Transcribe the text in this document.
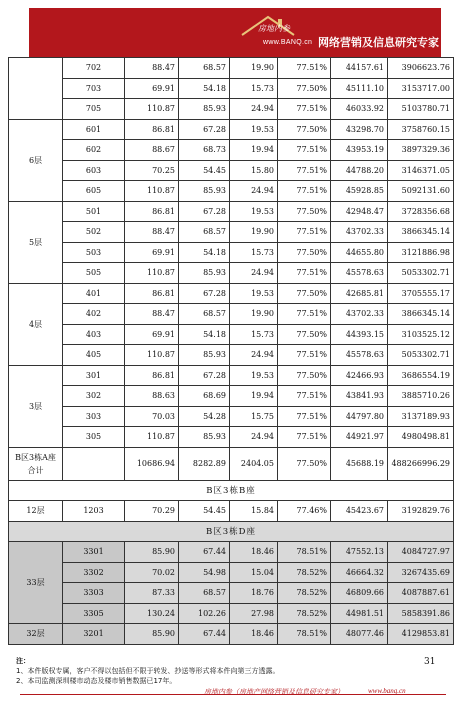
房地内参
www.BANQ.cn 网络营销及信息研究专家
	702	88.47	68.57	19.90	77.51%	44157.61	3906623.76	
	703	69.91	54.18	15.73	77.50%	45111.10	3153717.00	
	705	110.87	85.93	24.94	77.51%	46033.92	5103780.71	
6层	601	86.81	67.28	19.53	77.50%	43298.70	3758760.15	
	602	88.67	68.73	19.94	77.51%	43953.19	3897329.36	
	603	70.25	54.45	15.80	77.51%	44788.20	3146371.05	
	605	110.87	85.93	24.94	77.51%	45928.85	5092131.60	
5层	501	86.81	67.28	19.53	77.50%	42948.47	3728356.68	
	502	88.47	68.57	19.90	77.51%	43702.33	3866345.14	
	503	69.91	54.18	15.73	77.50%	44655.80	3121886.98	
	505	110.87	85.93	24.94	77.51%	45578.63	5053302.71	
4层	401	86.81	67.28	19.53	77.50%	42685.81	3705555.17	
	402	88.47	68.57	19.90	77.51%	43702.33	3866345.14	
	403	69.91	54.18	15.73	77.50%	44393.15	3103525.12	
	405	110.87	85.93	24.94	77.51%	45578.63	5053302.71	
3层	301	86.81	67.28	19.53	77.50%	42466.93	3686554.19	
	302	88.63	68.69	19.94	77.51%	43841.93	3885710.26	
	303	70.03	54.28	15.75	77.51%	44797.80	3137189.93	
	305	110.87	85.93	24.94	77.51%	44921.97	4980498.81	
B区3栋A座合计		10686.94	8282.89	2404.05	77.50%	45688.19	488266996.29	
B区3栋B座								
12层	1203	70.29	54.45	15.84	77.46%	45423.67	3192829.76	
B区3栋D座								
33层	3301	85.90	67.44	18.46	78.51%	47552.13	4084727.97	
	3302	70.02	54.98	15.04	78.52%	46664.32	3267435.69	
	3303	87.33	68.57	18.76	78.52%	46809.66	4087887.61	
	3305	130.24	102.26	27.98	78.52%	44981.51	5858391.86	
32层	3201	85.90	67.44	18.46	78.51%	48077.46	4129853.81	
注：
1、本件版权专属，客户不得以包括但不限于转发、抄送等形式将本件向第三方透露。
2、本司监测深圳楼市动态及楼市销售数据已17年。
31
房地内参（房地产网络营销及信息研究专家）	www.banq.cn
